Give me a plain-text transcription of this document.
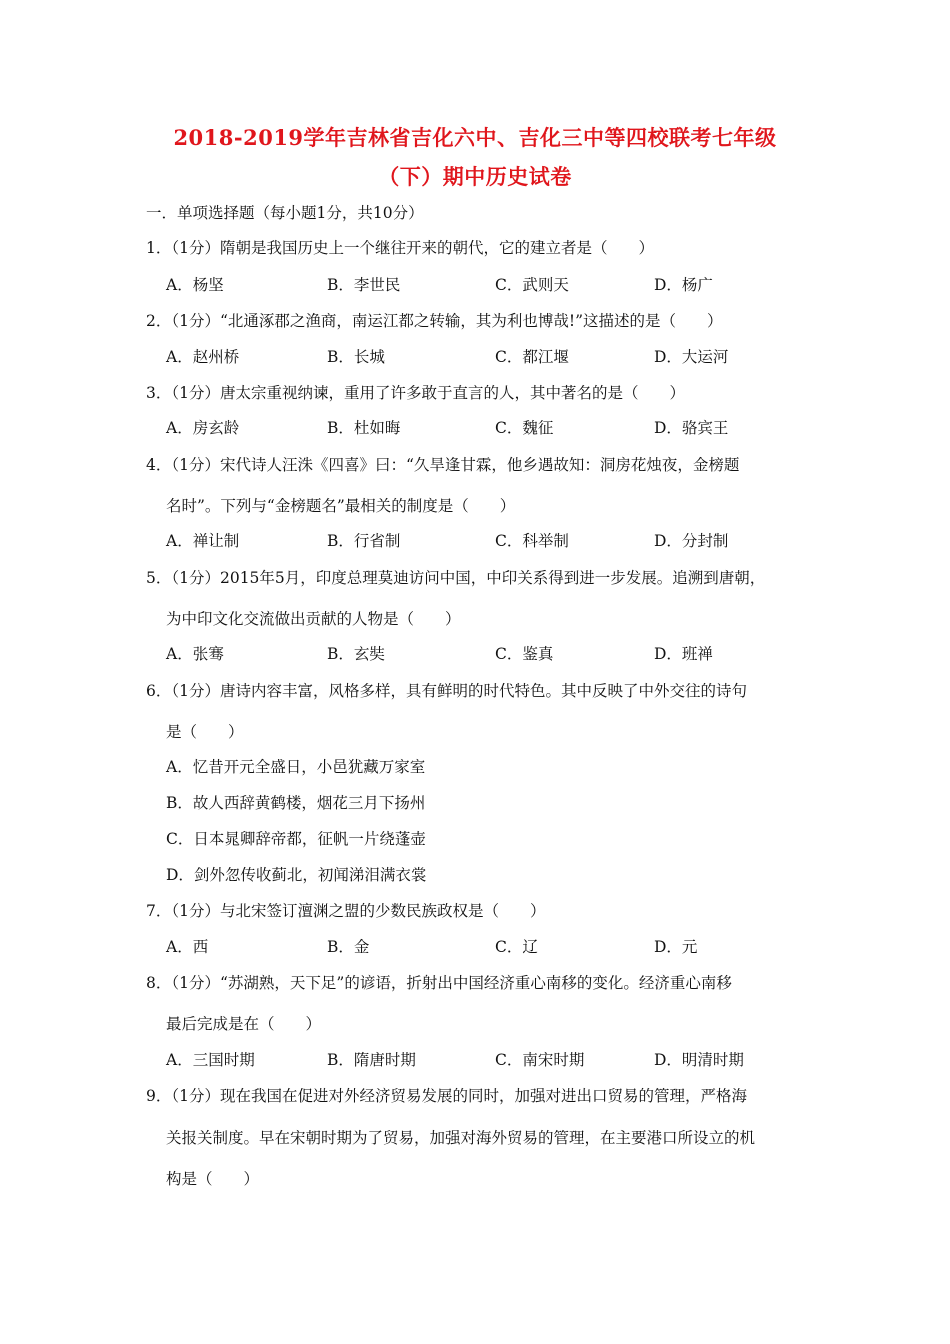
2018-2019学年吉林省吉化六中、吉化三中等四校联考七年级
（下）期中历史试卷
一．单项选择题（每小题1分，共10分）
1．（1分）隋朝是我国历史上一个继往开来的朝代，它的建立者是（　　）
A．杨坚	B．李世民	C．武则天	D．杨广
2．（1分）“北通涿郡之渔商，南运江都之转输，其为利也博哉!”这描述的是（　　）
A．赵州桥	B．长城	C．都江堰	D．大运河
3．（1分）唐太宗重视纳谏，重用了许多敢于直言的人，其中著名的是（　　）
A．房玄龄	B．杜如晦	C．魏征	D．骆宾王
4．（1分）宋代诗人汪洙《四喜》曰：“久旱逢甘霖，他乡遇故知：洞房花烛夜，金榜题
名时”。下列与“金榜题名”最相关的制度是（　　）
A．禅让制	B．行省制	C．科举制	D．分封制
5．（1分）2015年5月，印度总理莫迪访问中国，中印关系得到进一步发展。追溯到唐朝，
为中印文化交流做出贡献的人物是（　　）
A．张骞	B．玄奘	C．鉴真	D．班禅
6．（1分）唐诗内容丰富，风格多样，具有鲜明的时代特色。其中反映了中外交往的诗句
是（　　）
A．忆昔开元全盛日，小邑犹藏万家室
B．故人西辞黄鹤楼，烟花三月下扬州
C．日本晁卿辞帝都，征帆一片绕蓬壶
D．剑外忽传收蓟北，初闻涕泪满衣裳
7．（1分）与北宋签订澶渊之盟的少数民族政权是（　　）
A．西	B．金	C．辽	D．元
8．（1分）“苏湖熟，天下足”的谚语，折射出中国经济重心南移的变化。经济重心南移
最后完成是在（　　）
A．三国时期	B．隋唐时期	C．南宋时期	D．明清时期
9．（1分）现在我国在促进对外经济贸易发展的同时，加强对进出口贸易的管理，严格海
关报关制度。早在宋朝时期为了贸易，加强对海外贸易的管理，在主要港口所设立的机
构是（　　）
